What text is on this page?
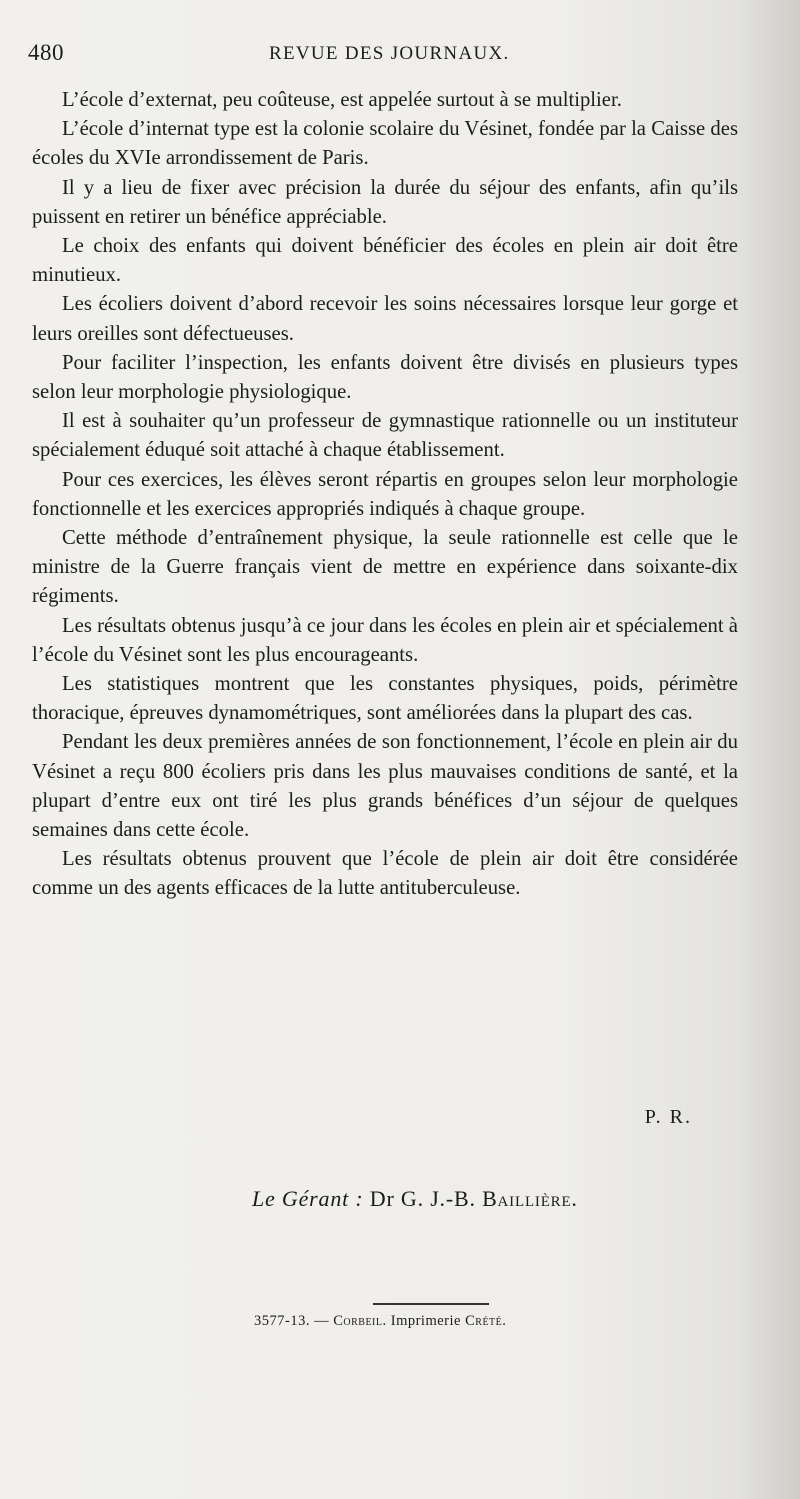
480	REVUE DES JOURNAUX.

L’école d’externat, peu coûteuse, est appelée surtout à se multiplier.

L’école d’internat type est la colonie scolaire du Vésinet, fondée par la Caisse des écoles du XVIe arrondissement de Paris.

Il y a lieu de fixer avec précision la durée du séjour des enfants, afin qu’ils puissent en retirer un bénéfice appréciable.

Le choix des enfants qui doivent bénéficier des écoles en plein air doit être minutieux.

Les écoliers doivent d’abord recevoir les soins nécessaires lorsque leur gorge et leurs oreilles sont défectueuses.

Pour faciliter l’inspection, les enfants doivent être divisés en plusieurs types selon leur morphologie physiologique.

Il est à souhaiter qu’un professeur de gymnastique rationnelle ou un instituteur spécialement éduqué soit attaché à chaque établissement.

Pour ces exercices, les élèves seront répartis en groupes selon leur morphologie fonctionnelle et les exercices appropriés indiqués à chaque groupe.

Cette méthode d’entraînement physique, la seule rationnelle est celle que le ministre de la Guerre français vient de mettre en expérience dans soixante-dix régiments.

Les résultats obtenus jusqu’à ce jour dans les écoles en plein air et spécialement à l’école du Vésinet sont les plus encourageants.

Les statistiques montrent que les constantes physiques, poids, périmètre thoracique, épreuves dynamométriques, sont améliorées dans la plupart des cas.

Pendant les deux premières années de son fonctionnement, l’école en plein air du Vésinet a reçu 800 écoliers pris dans les plus mauvaises conditions de santé, et la plupart d’entre eux ont tiré les plus grands bénéfices d’un séjour de quelques semaines dans cette école.

Les résultats obtenus prouvent que l’école de plein air doit être considérée comme un des agents efficaces de la lutte antituberculeuse.

P. R.
Le Gérant : Dr G. J.-B. Baillière.
3577-13. — Corbeil. Imprimerie Crété.
